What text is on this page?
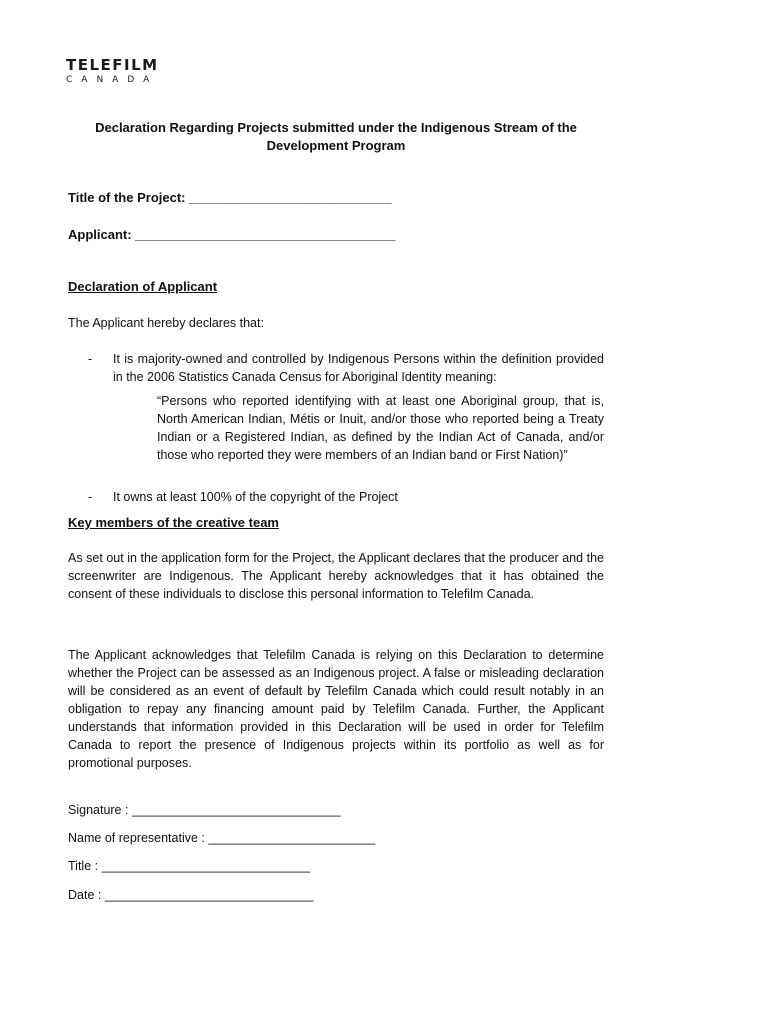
TELEFILM
CANADA
Declaration Regarding Projects submitted under the Indigenous Stream of the Development Program
Title of the Project: ____________________________
Applicant: ____________________________________
Declaration of Applicant
The Applicant hereby declares that:
- It is majority-owned and controlled by Indigenous Persons within the definition provided in the 2006 Statistics Canada Census for Aboriginal Identity meaning:
“Persons who reported identifying with at least one Aboriginal group, that is, North American Indian, Métis or Inuit, and/or those who reported being a Treaty Indian or a Registered Indian, as defined by the Indian Act of Canada, and/or those who reported they were members of an Indian band or First Nation)”
- It owns at least 100% of the copyright of the Project
Key members of the creative team
As set out in the application form for the Project, the Applicant declares that the producer and the screenwriter are Indigenous. The Applicant hereby acknowledges that it has obtained the consent of these individuals to disclose this personal information to Telefilm Canada.
The Applicant acknowledges that Telefilm Canada is relying on this Declaration to determine whether the Project can be assessed as an Indigenous project. A false or misleading declaration will be considered as an event of default by Telefilm Canada which could result notably in an obligation to repay any financing amount paid by Telefilm Canada. Further, the Applicant understands that information provided in this Declaration will be used in order for Telefilm Canada to report the presence of Indigenous projects within its portfolio as well as for promotional purposes.
Signature : ______________________________
Name of representative : ________________________
Title : ______________________________
Date : ______________________________
